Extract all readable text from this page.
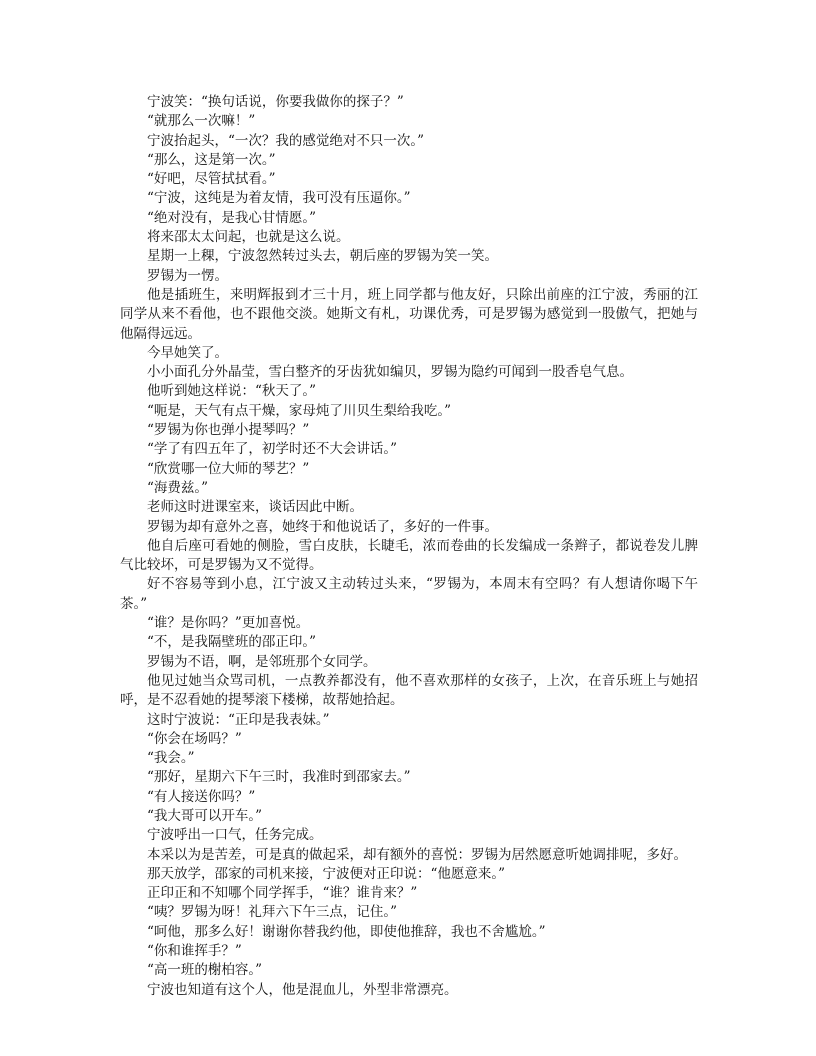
宁波笑：“换句话说，你要我做你的探子？”

“就那么一次嘛！”

宁波抬起头，“一次？我的感觉绝对不只一次。”

“那么，这是第一次。”

“好吧，尽管拭拭看。”

“宁波，这纯是为着友情，我可没有压逼你。”

“绝对没有，是我心甘情愿。”

将来邵太太问起，也就是这么说。

星期一上稞，宁波忽然转过头去，朝后座的罗锡为笑一笑。

罗锡为一愣。

他是插班生，来明辉报到才三十月，班上同学都与他友好，只除出前座的江宁波，秀丽的江同学从来不看他，也不跟他交淡。她斯文有札，功课优秀，可是罗锡为感觉到一股傲气，把她与他隔得远远。

今早她笑了。

小小面孔分外晶莹，雪白整齐的牙齿犹如编贝，罗锡为隐约可闻到一股香皂气息。

他听到她这样说：“秋天了。”

“呃是，天气有点干燥，家母炖了川贝生梨给我吃。”

“罗锡为你也弹小提琴吗？”

“学了有四五年了，初学时还不大会讲话。”

“欣赏哪一位大师的琴艺？”

“海费兹。”

老师这时进课室来，谈话因此中断。

罗锡为却有意外之喜，她终于和他说话了，多好的一件事。

他自后座可看她的侧脸，雪白皮肤，长睫毛，浓而卷曲的长发编成一条辫子，都说卷发儿脾气比较坏，可是罗锡为又不觉得。

好不容易等到小息，江宁波又主动转过头来，“罗锡为，本周末有空吗？有人想请你喝下午茶。”

“谁？是你吗？”更加喜悦。

“不，是我隔壁班的邵正印。”

罗锡为不语，啊，是邻班那个女同学。

他见过她当众骂司机，一点教养都没有，他不喜欢那样的女孩子，上次，在音乐班上与她招呼，是不忍看她的提琴滚下楼梯，故帮她拾起。

这时宁波说：“正印是我表妹。”

“你会在场吗？”

“我会。”

“那好，星期六下午三时，我准时到邵家去。”

“有人接送你吗？”

“我大哥可以开车。”

宁波呼出一口气，任务完成。

本采以为是苦差，可是真的做起采，却有额外的喜悦：罗锡为居然愿意听她调排呢，多好。

那天放学，邵家的司机来接，宁波便对正印说：“他愿意来。”

正印正和不知哪个同学挥手，“谁？谁肯来？”

“咦？罗锡为呀！礼拜六下午三点，记住。”

“呵他，那多么好！谢谢你替我约他，即使他推辞，我也不舍尴尬。”

“你和谁挥手？”

“高一班的榭柏容。”

宁波也知道有这个人，他是混血儿，外型非常漂亮。
